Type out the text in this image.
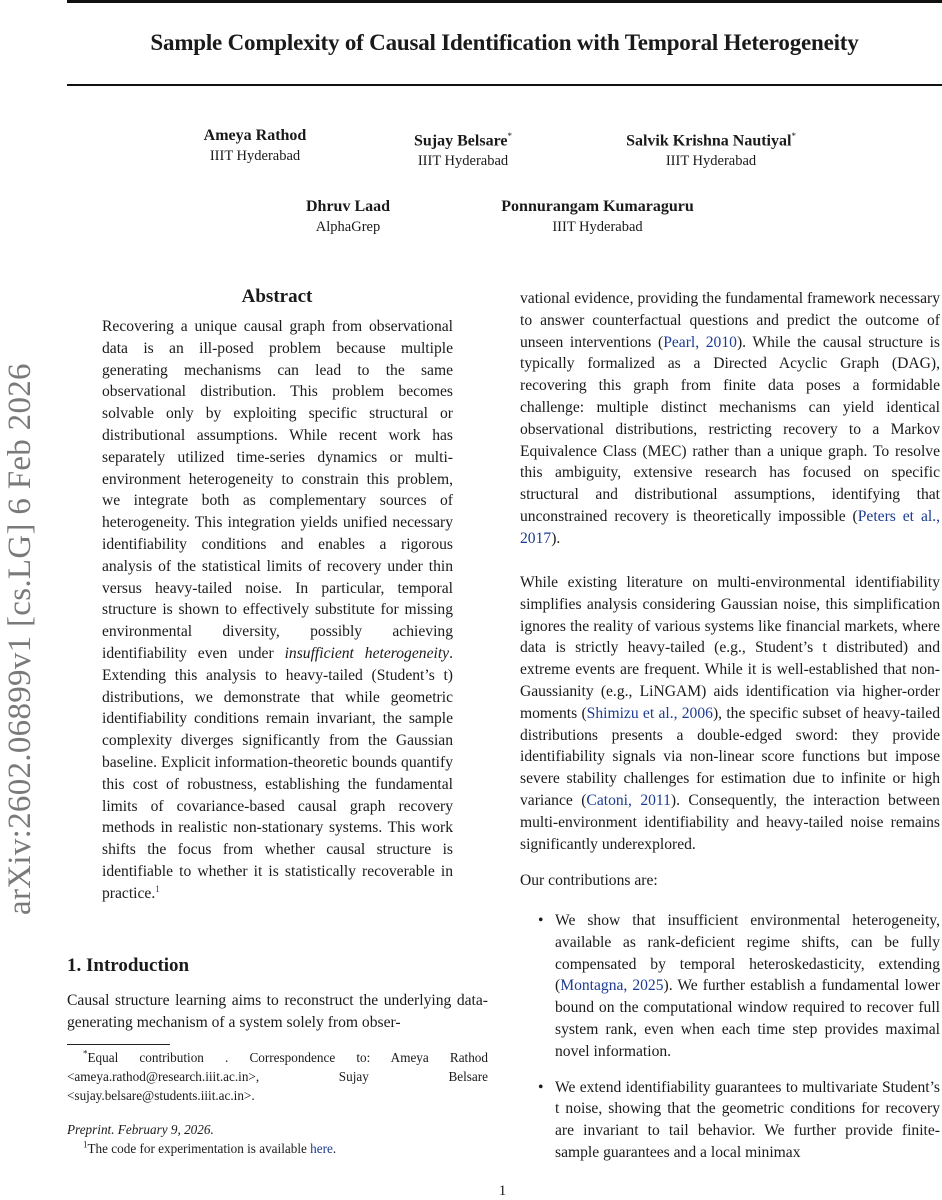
Sample Complexity of Causal Identification with Temporal Heterogeneity
Ameya Rathod
IIIT Hyderabad
Sujay Belsare*
IIIT Hyderabad
Salvik Krishna Nautiyal*
IIIT Hyderabad
Dhruv Laad
AlphaGrep
Ponnurangam Kumaraguru
IIIT Hyderabad
arXiv:2602.06899v1 [cs.LG] 6 Feb 2026
Abstract

Recovering a unique causal graph from observational data is an ill-posed problem because multiple generating mechanisms can lead to the same observational distribution. This problem becomes solvable only by exploiting specific structural or distributional assumptions. While recent work has separately utilized time-series dynamics or multi-environment heterogeneity to constrain this problem, we integrate both as complementary sources of heterogeneity. This integration yields unified necessary identifiability conditions and enables a rigorous analysis of the statistical limits of recovery under thin versus heavy-tailed noise. In particular, temporal structure is shown to effectively substitute for missing environmental diversity, possibly achieving identifiability even under insufficient heterogeneity. Extending this analysis to heavy-tailed (Student’s t) distributions, we demonstrate that while geometric identifiability conditions remain invariant, the sample complexity diverges significantly from the Gaussian baseline. Explicit information-theoretic bounds quantify this cost of robustness, establishing the fundamental limits of covariance-based causal graph recovery methods in realistic non-stationary systems. This work shifts the focus from whether causal structure is identifiable to whether it is statistically recoverable in practice.$^1$

1. Introduction

Causal structure learning aims to reconstruct the underlying data-generating mechanism of a system solely from obser-

*Equal contribution . Correspondence to: Ameya Rathod <ameya.rathod@research.iiit.ac.in>, Sujay Belsare <sujay.belsare@students.iiit.ac.in>.

Preprint. February 9, 2026.

$^1$The code for experimentation is available here.

vational evidence, providing the fundamental framework necessary to answer counterfactual questions and predict the outcome of unseen interventions (Pearl, 2010). While the causal structure is typically formalized as a Directed Acyclic Graph (DAG), recovering this graph from finite data poses a formidable challenge: multiple distinct mechanisms can yield identical observational distributions, restricting recovery to a Markov Equivalence Class (MEC) rather than a unique graph. To resolve this ambiguity, extensive research has focused on specific structural and distributional assumptions, identifying that unconstrained recovery is theoretically impossible (Peters et al., 2017).

While existing literature on multi-environmental identifiability simplifies analysis considering Gaussian noise, this simplification ignores the reality of various systems like financial markets, where data is strictly heavy-tailed (e.g., Student’s t distributed) and extreme events are frequent. While it is well-established that non-Gaussianity (e.g., LiNGAM) aids identification via higher-order moments (Shimizu et al., 2006), the specific subset of heavy-tailed distributions presents a double-edged sword: they provide identifiability signals via non-linear score functions but impose severe stability challenges for estimation due to infinite or high variance (Catoni, 2011). Consequently, the interaction between multi-environment identifiability and heavy-tailed noise remains significantly underexplored.

Our contributions are:

• We show that insufficient environmental heterogeneity, available as rank-deficient regime shifts, can be fully compensated by temporal heteroskedasticity, extending (Montagna, 2025). We further establish a fundamental lower bound on the computational window required to recover full system rank, even when each time step provides maximal novel information.
• We extend identifiability guarantees to multivariate Student’s t noise, showing that the geometric conditions for recovery are invariant to tail behavior. We further provide finite-sample guarantees and a local minimax
1
